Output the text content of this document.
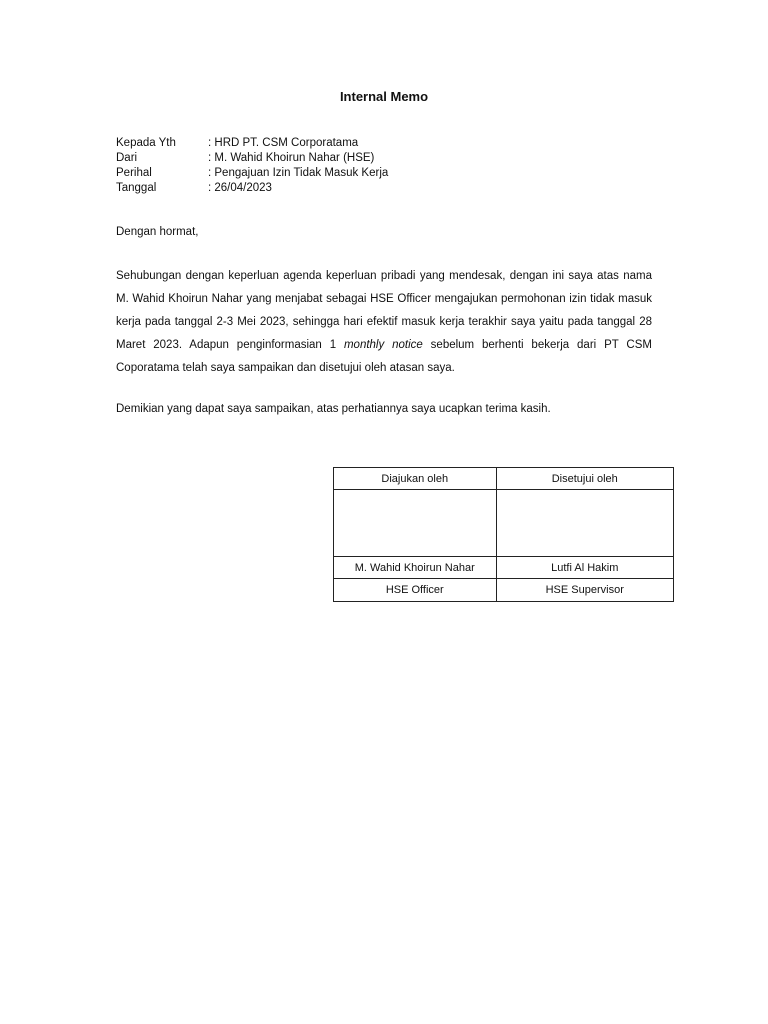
Internal Memo
Kepada Yth	: HRD PT. CSM Corporatama
Dari	: M. Wahid Khoirun Nahar (HSE)
Perihal	: Pengajuan Izin Tidak Masuk Kerja
Tanggal	: 26/04/2023
Dengan hormat,
Sehubungan dengan keperluan agenda keperluan pribadi yang mendesak, dengan ini saya atas nama M. Wahid Khoirun Nahar yang menjabat sebagai HSE Officer mengajukan permohonan izin tidak masuk kerja pada tanggal 2-3 Mei 2023, sehingga hari efektif masuk kerja terakhir saya yaitu pada tanggal 28 Maret 2023. Adapun penginformasian 1 monthly notice sebelum berhenti bekerja dari PT CSM Coporatama telah saya sampaikan dan disetujui oleh atasan saya.
Demikian yang dapat saya sampaikan, atas perhatiannya saya ucapkan terima kasih.
Diajukan oleh	Disetujui oleh

M. Wahid Khoirun Nahar	Lutfi Al Hakim
HSE Officer	HSE Supervisor
